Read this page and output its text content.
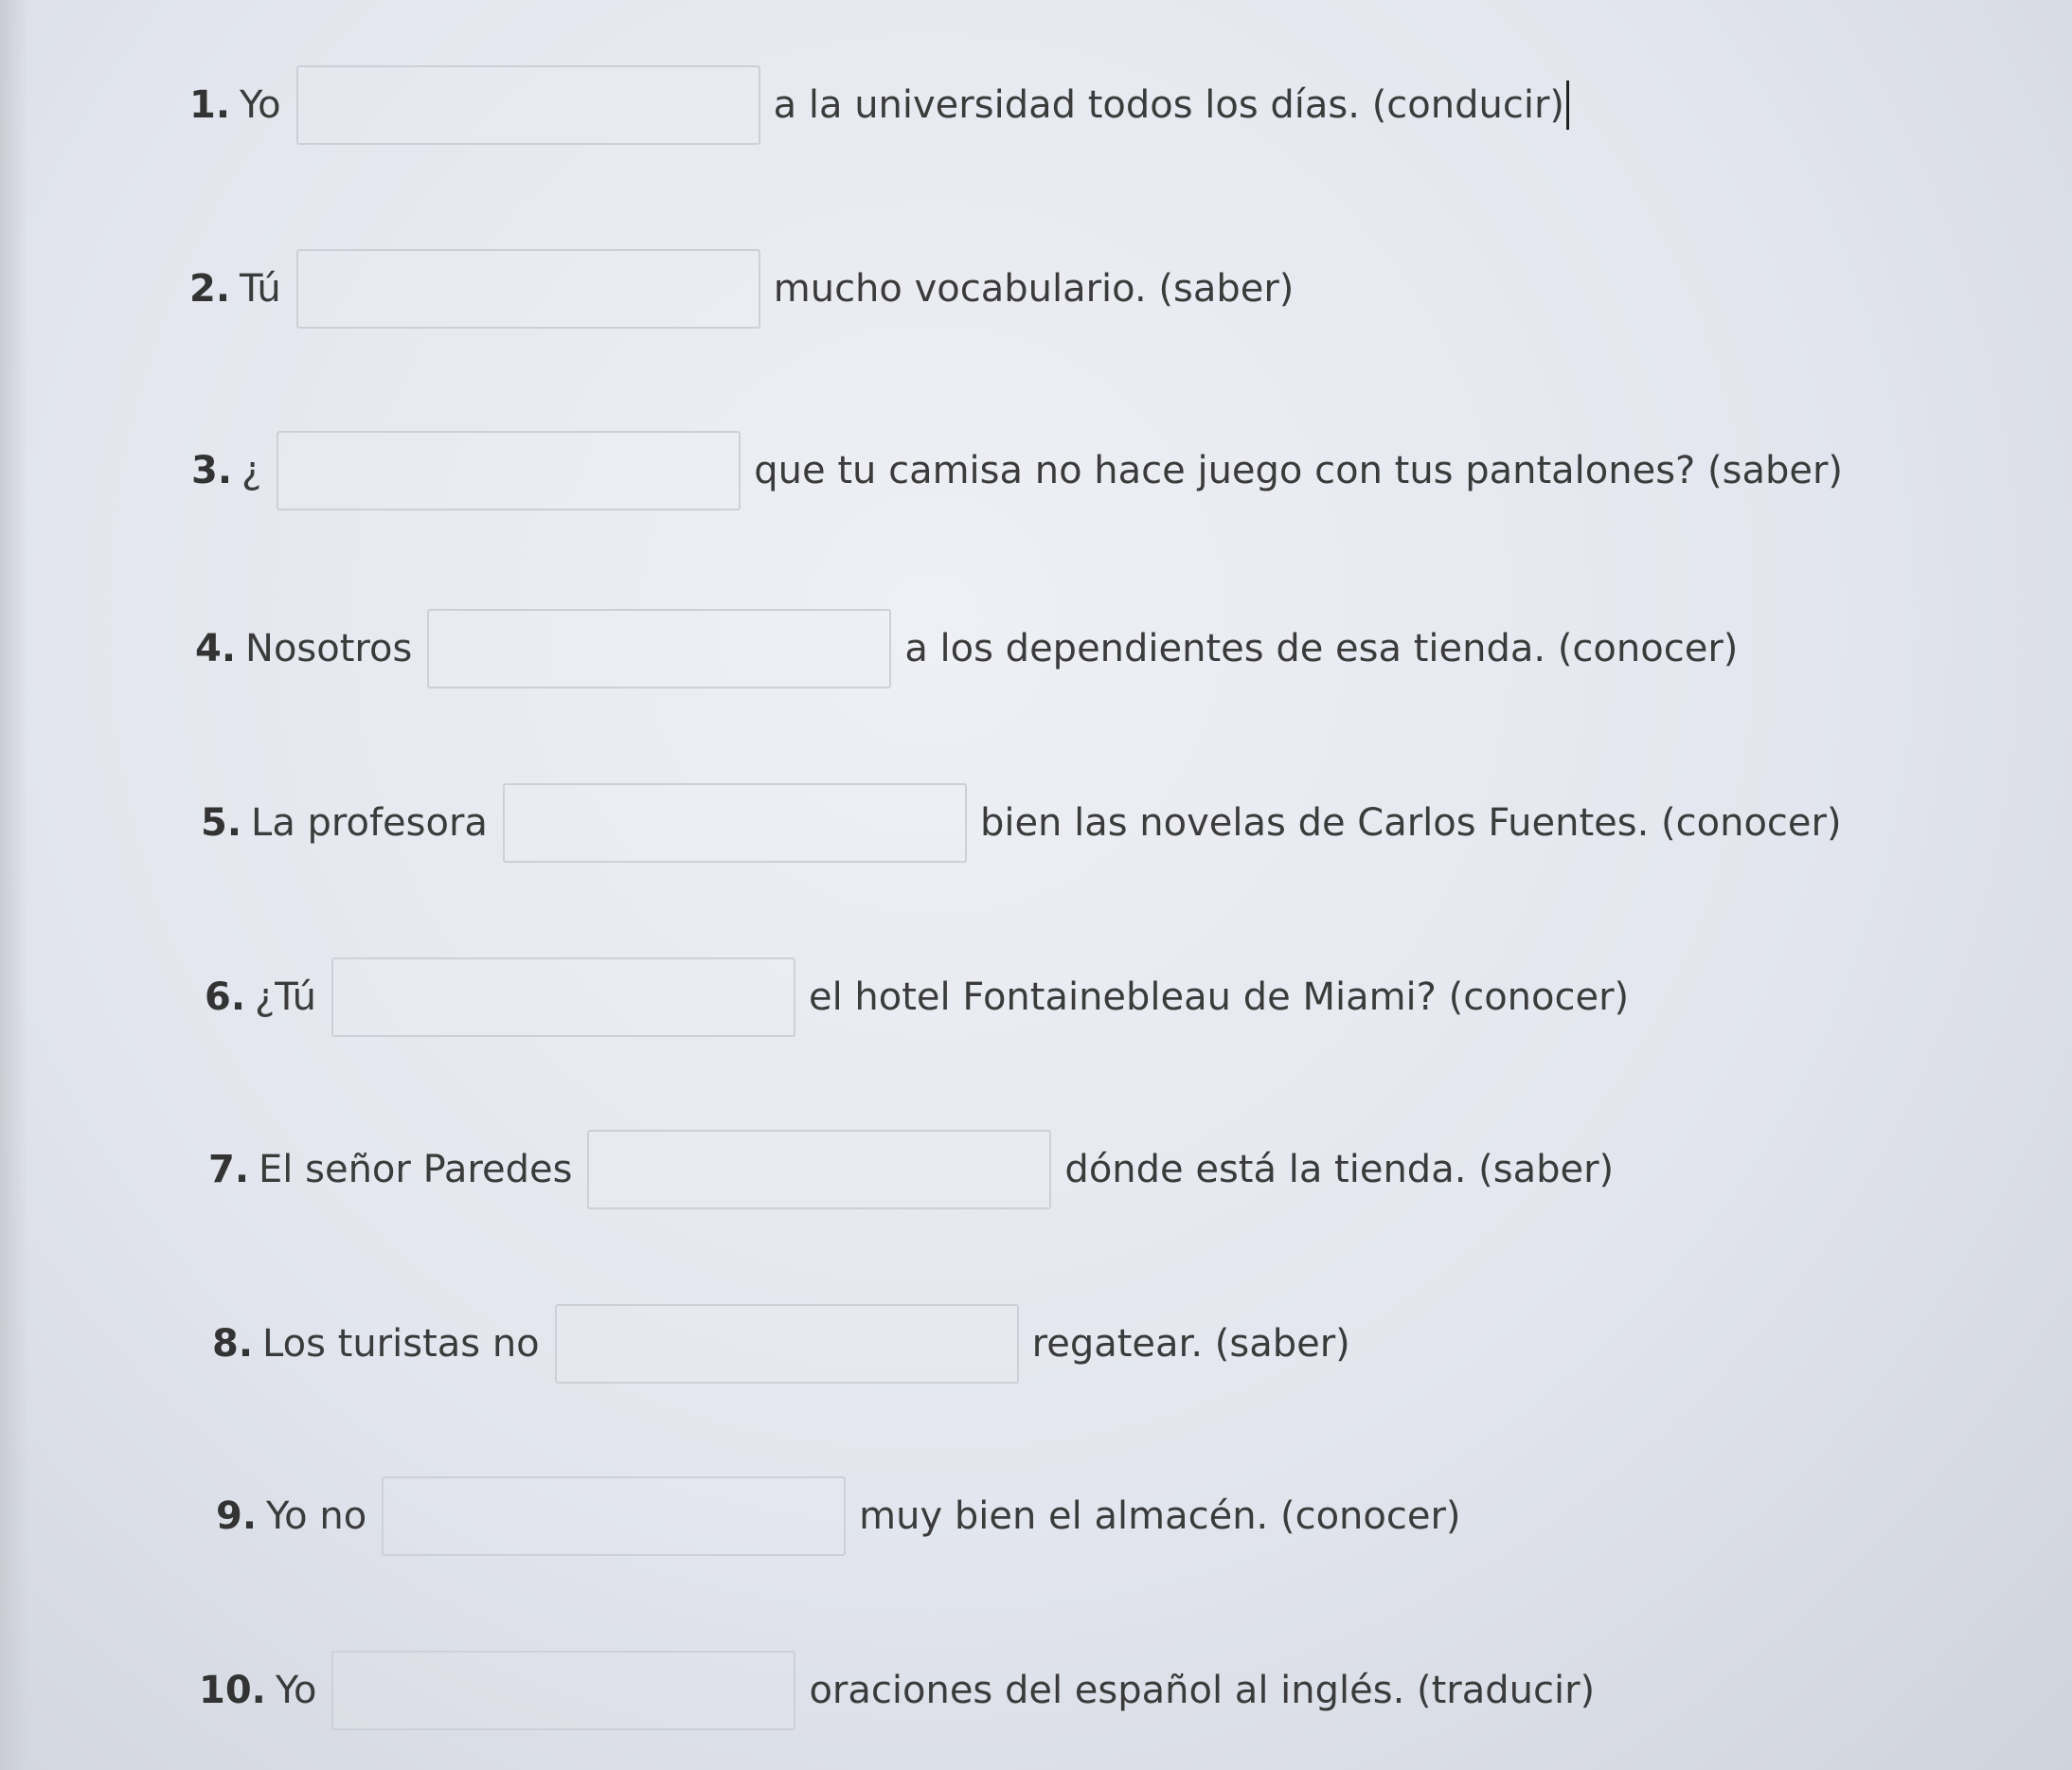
1. Yo	a la universidad todos los días. (conducir)
2. Tú	mucho vocabulario. (saber)
3. ¿	que tu camisa no hace juego con tus pantalones? (saber)
4. Nosotros	a los dependientes de esa tienda. (conocer)
5. La profesora	bien las novelas de Carlos Fuentes. (conocer)
6. ¿Tú	el hotel Fontainebleau de Miami? (conocer)
7. El señor Paredes	dónde está la tienda. (saber)
8. Los turistas no	regatear. (saber)
9. Yo no	muy bien el almacén. (conocer)
10. Yo	oraciones del español al inglés. (traducir)
